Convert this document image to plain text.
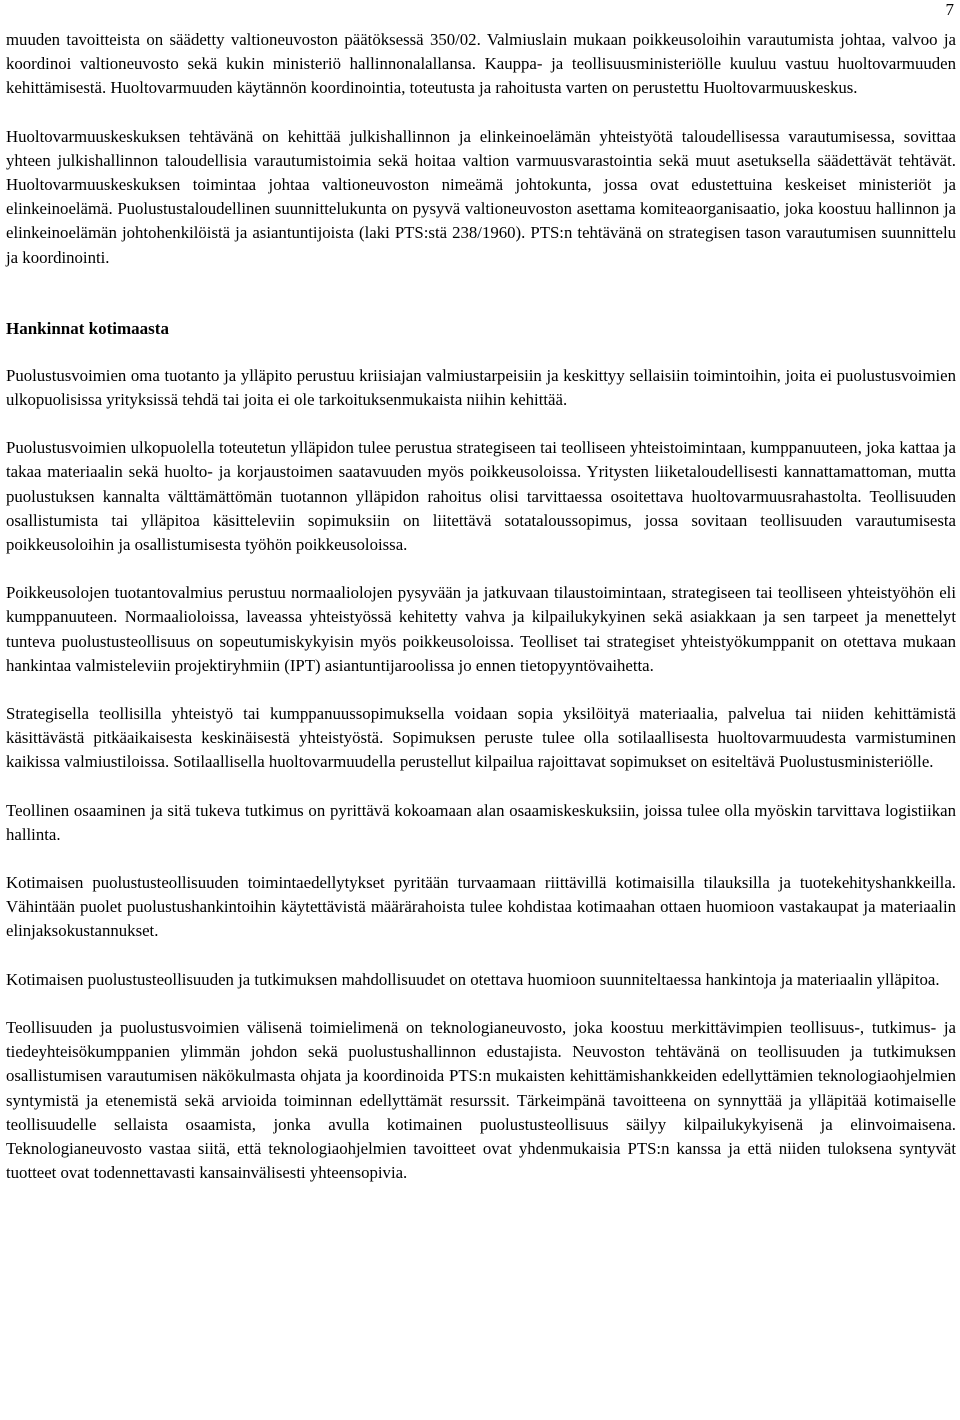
7

muuden tavoitteista on säädetty valtioneuvoston päätöksessä 350/02. Valmiuslain mukaan poikkeusoloihin varautumista johtaa, valvoo ja koordinoi valtioneuvosto sekä kukin ministeriö hallinnonalallansa. Kauppa- ja teollisuusministeriölle kuuluu vastuu huoltovarmuuden kehittämisestä. Huoltovarmuuden käytännön koordinointia, toteutusta ja rahoitusta varten on perustettu Huoltovarmuuskeskus.

Huoltovarmuuskeskuksen tehtävänä on kehittää julkishallinnon ja elinkeinoelämän yhteistyötä taloudellisessa varautumisessa, sovittaa yhteen julkishallinnon taloudellisia varautumistoimia sekä hoitaa valtion varmuusvarastointia sekä muut asetuksella säädettävät tehtävät. Huoltovarmuuskeskuksen toimintaa johtaa valtioneuvoston nimeämä johtokunta, jossa ovat edustettuina keskeiset ministeriöt ja elinkeinoelämä. Puolustustaloudellinen suunnittelukunta on pysyvä valtioneuvoston asettama komiteaorganisaatio, joka koostuu hallinnon ja elinkeinoelämän johtohenkilöistä ja asiantuntijoista (laki PTS:stä 238/1960). PTS:n tehtävänä on strategisen tason varautumisen suunnittelu ja koordinointi.

Hankinnat kotimaasta

Puolustusvoimien oma tuotanto ja ylläpito perustuu kriisiajan valmiustarpeisiin ja keskittyy sellaisiin toimintoihin, joita ei puolustusvoimien ulkopuolisissa yrityksissä tehdä tai joita ei ole tarkoituksenmukaista niihin kehittää.

Puolustusvoimien ulkopuolella toteutetun ylläpidon tulee perustua strategiseen tai teolliseen yhteistoimintaan, kumppanuuteen, joka kattaa ja takaa materiaalin sekä huolto- ja korjaustoimen saatavuuden myös poikkeusoloissa. Yritysten liiketaloudellisesti kannattamattoman, mutta puolustuksen kannalta välttämättömän tuotannon ylläpidon rahoitus olisi tarvittaessa osoitettava huoltovarmuusrahastolta. Teollisuuden osallistumista tai ylläpitoa käsitteleviin sopimuksiin on liitettävä sotataloussopimus, jossa sovitaan teollisuuden varautumisesta poikkeusoloihin ja osallistumisesta työhön poikkeusoloissa.

Poikkeusolojen tuotantovalmius perustuu normaaliolojen pysyvään ja jatkuvaan tilaustoimintaan, strategiseen tai teolliseen yhteistyöhön eli kumppanuuteen. Normaalioloissa, laveassa yhteistyössä kehitetty vahva ja kilpailukykyinen sekä asiakkaan ja sen tarpeet ja menettelyt tunteva puolustusteollisuus on sopeutumiskykyisin myös poikkeusoloissa. Teolliset tai strategiset yhteistyökumppanit on otettava mukaan hankintaa valmisteleviin projektiryhmiin (IPT) asiantuntijaroolissa jo ennen tietopyyntövaihetta.

Strategisella teollisilla yhteistyö tai kumppanuussopimuksella voidaan sopia yksilöityä materiaalia, palvelua tai niiden kehittämistä käsittävästä pitkäaikaisesta keskinäisestä yhteistyöstä. Sopimuksen peruste tulee olla sotilaallisesta huoltovarmuudesta varmistuminen kaikissa valmiustiloissa. Sotilaallisella huoltovarmuudella perustellut kilpailua rajoittavat sopimukset on esiteltävä Puolustusministeriölle.

Teollinen osaaminen ja sitä tukeva tutkimus on pyrittävä kokoamaan alan osaamiskeskuksiin, joissa tulee olla myöskin tarvittava logistiikan hallinta.

Kotimaisen puolustusteollisuuden toimintaedellytykset pyritään turvaamaan riittävillä kotimaisilla tilauksilla ja tuotekehityshankkeilla. Vähintään puolet puolustushankintoihin käytettävistä määrärahoista tulee kohdistaa kotimaahan ottaen huomioon vastakaupat ja materiaalin elinjaksokustannukset.

Kotimaisen puolustusteollisuuden ja tutkimuksen mahdollisuudet on otettava huomioon suunniteltaessa hankintoja ja materiaalin ylläpitoa.

Teollisuuden ja puolustusvoimien välisenä toimielimenä on teknologianeuvosto, joka koostuu merkittävimpien teollisuus-, tutkimus- ja tiedeyhteisökumppanien ylimmän johdon sekä puolustushallinnon edustajista. Neuvoston tehtävänä on teollisuuden ja tutkimuksen osallistumisen varautumisen näkökulmasta ohjata ja koordinoida PTS:n mukaisten kehittämishankkeiden edellyttämien teknologiaohjelmien syntymistä ja etenemistä sekä arvioida toiminnan edellyttämät resurssit. Tärkeimpänä tavoitteena on synnyttää ja ylläpitää kotimaiselle teollisuudelle sellaista osaamista, jonka avulla kotimainen puolustusteollisuus säilyy kilpailukykyisenä ja elinvoimaisena. Teknologianeuvosto vastaa siitä, että teknologiaohjelmien tavoitteet ovat yhdenmukaisia PTS:n kanssa ja että niiden tuloksena syntyvät tuotteet ovat todennettavasti kansainvälisesti yhteensopivia.
